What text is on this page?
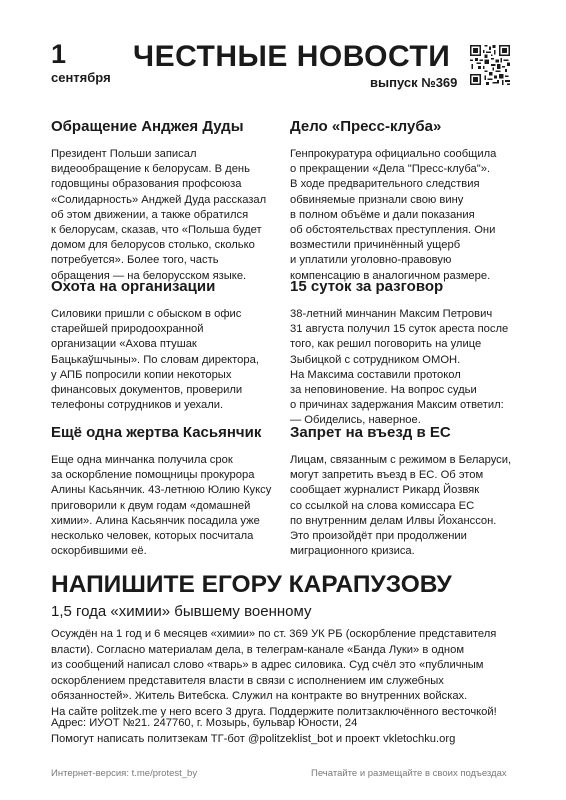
1
сентября
ЧЕСТНЫЕ НОВОСТИ
выпуск №369
Обращение Анджея Дуды
Президент Польши записал
видеообращение к белорусам. В день
годовщины образования профсоюза
«Солидарность» Анджей Дуда рассказал
об этом движении, а также обратился
к белорусам, сказав, что «Польша будет
домом для белорусов столько, сколько
потребуется». Более того, часть
обращения — на белорусском языке.
Дело «Пресс-клуба»
Генпрокуратура официально сообщила
о прекращении «Дела "Пресс-клуба"».
В ходе предварительного следствия
обвиняемые признали свою вину
в полном объёме и дали показания
об обстоятельствах преступления. Они
возместили причинённый ущерб
и уплатили уголовно-правовую
компенсацию в аналогичном размере.
Охота на организации
Силовики пришли с обыском в офис
старейшей природоохранной
организации «Ахова птушак
Бацькаўшчыны». По словам директора,
у АПБ попросили копии некоторых
финансовых документов, проверили
телефоны сотрудников и уехали.
15 суток за разговор
38-летний минчанин Максим Петрович
31 августа получил 15 суток ареста после
того, как решил поговорить на улице
Зыбицкой с сотрудником ОМОН.
На Максима составили протокол
за неповиновение. На вопрос судьи
о причинах задержания Максим ответил:
— Обиделись, наверное.
Ещё одна жертва Касьянчик
Еще одна минчанка получила срок
за оскорбление помощницы прокурора
Алины Касьянчик. 43-летнюю Юлию Куксу
приговорили к двум годам «домашней
химии». Алина Касьянчик посадила уже
несколько человек, которых посчитала
оскорбившими её.
Запрет на въезд в ЕС
Лицам, связанным с режимом в Беларуси,
могут запретить въезд в ЕС. Об этом
сообщает журналист Рикард Йозвяк
со ссылкой на слова комиссара ЕС
по внутренним делам Илвы Йохансcон.
Это произойдёт при продолжении
миграционного кризиса.
НАПИШИТЕ ЕГОРУ КАРАПУЗОВУ
1,5 года «химии» бывшему военному
Осуждён на 1 год и 6 месяцев «химии» по ст. 369 УК РБ (оскорбление представителя
власти). Согласно материалам дела, в телеграм-канале «Банда Луки» в одном
из сообщений написал слово «тварь» в адрес силовика. Суд счёл это «публичным
оскорблением представителя власти в связи с исполнением им служебных
обязанностей». Житель Витебска. Служил на контракте во внутренних войсках.
На сайте politzek.me у него всего 3 друга. Поддержите политзаключённого весточкой!
Адрес: ИУОТ №21. 247760, г. Мозырь, бульвар Юности, 24
Помогут написать политзекам ТГ-бот @politzeklist_bot и проект vkletochku.org
Интернет-версия: t.me/protest_by	Печатайте и размещайте в своих подъездах
